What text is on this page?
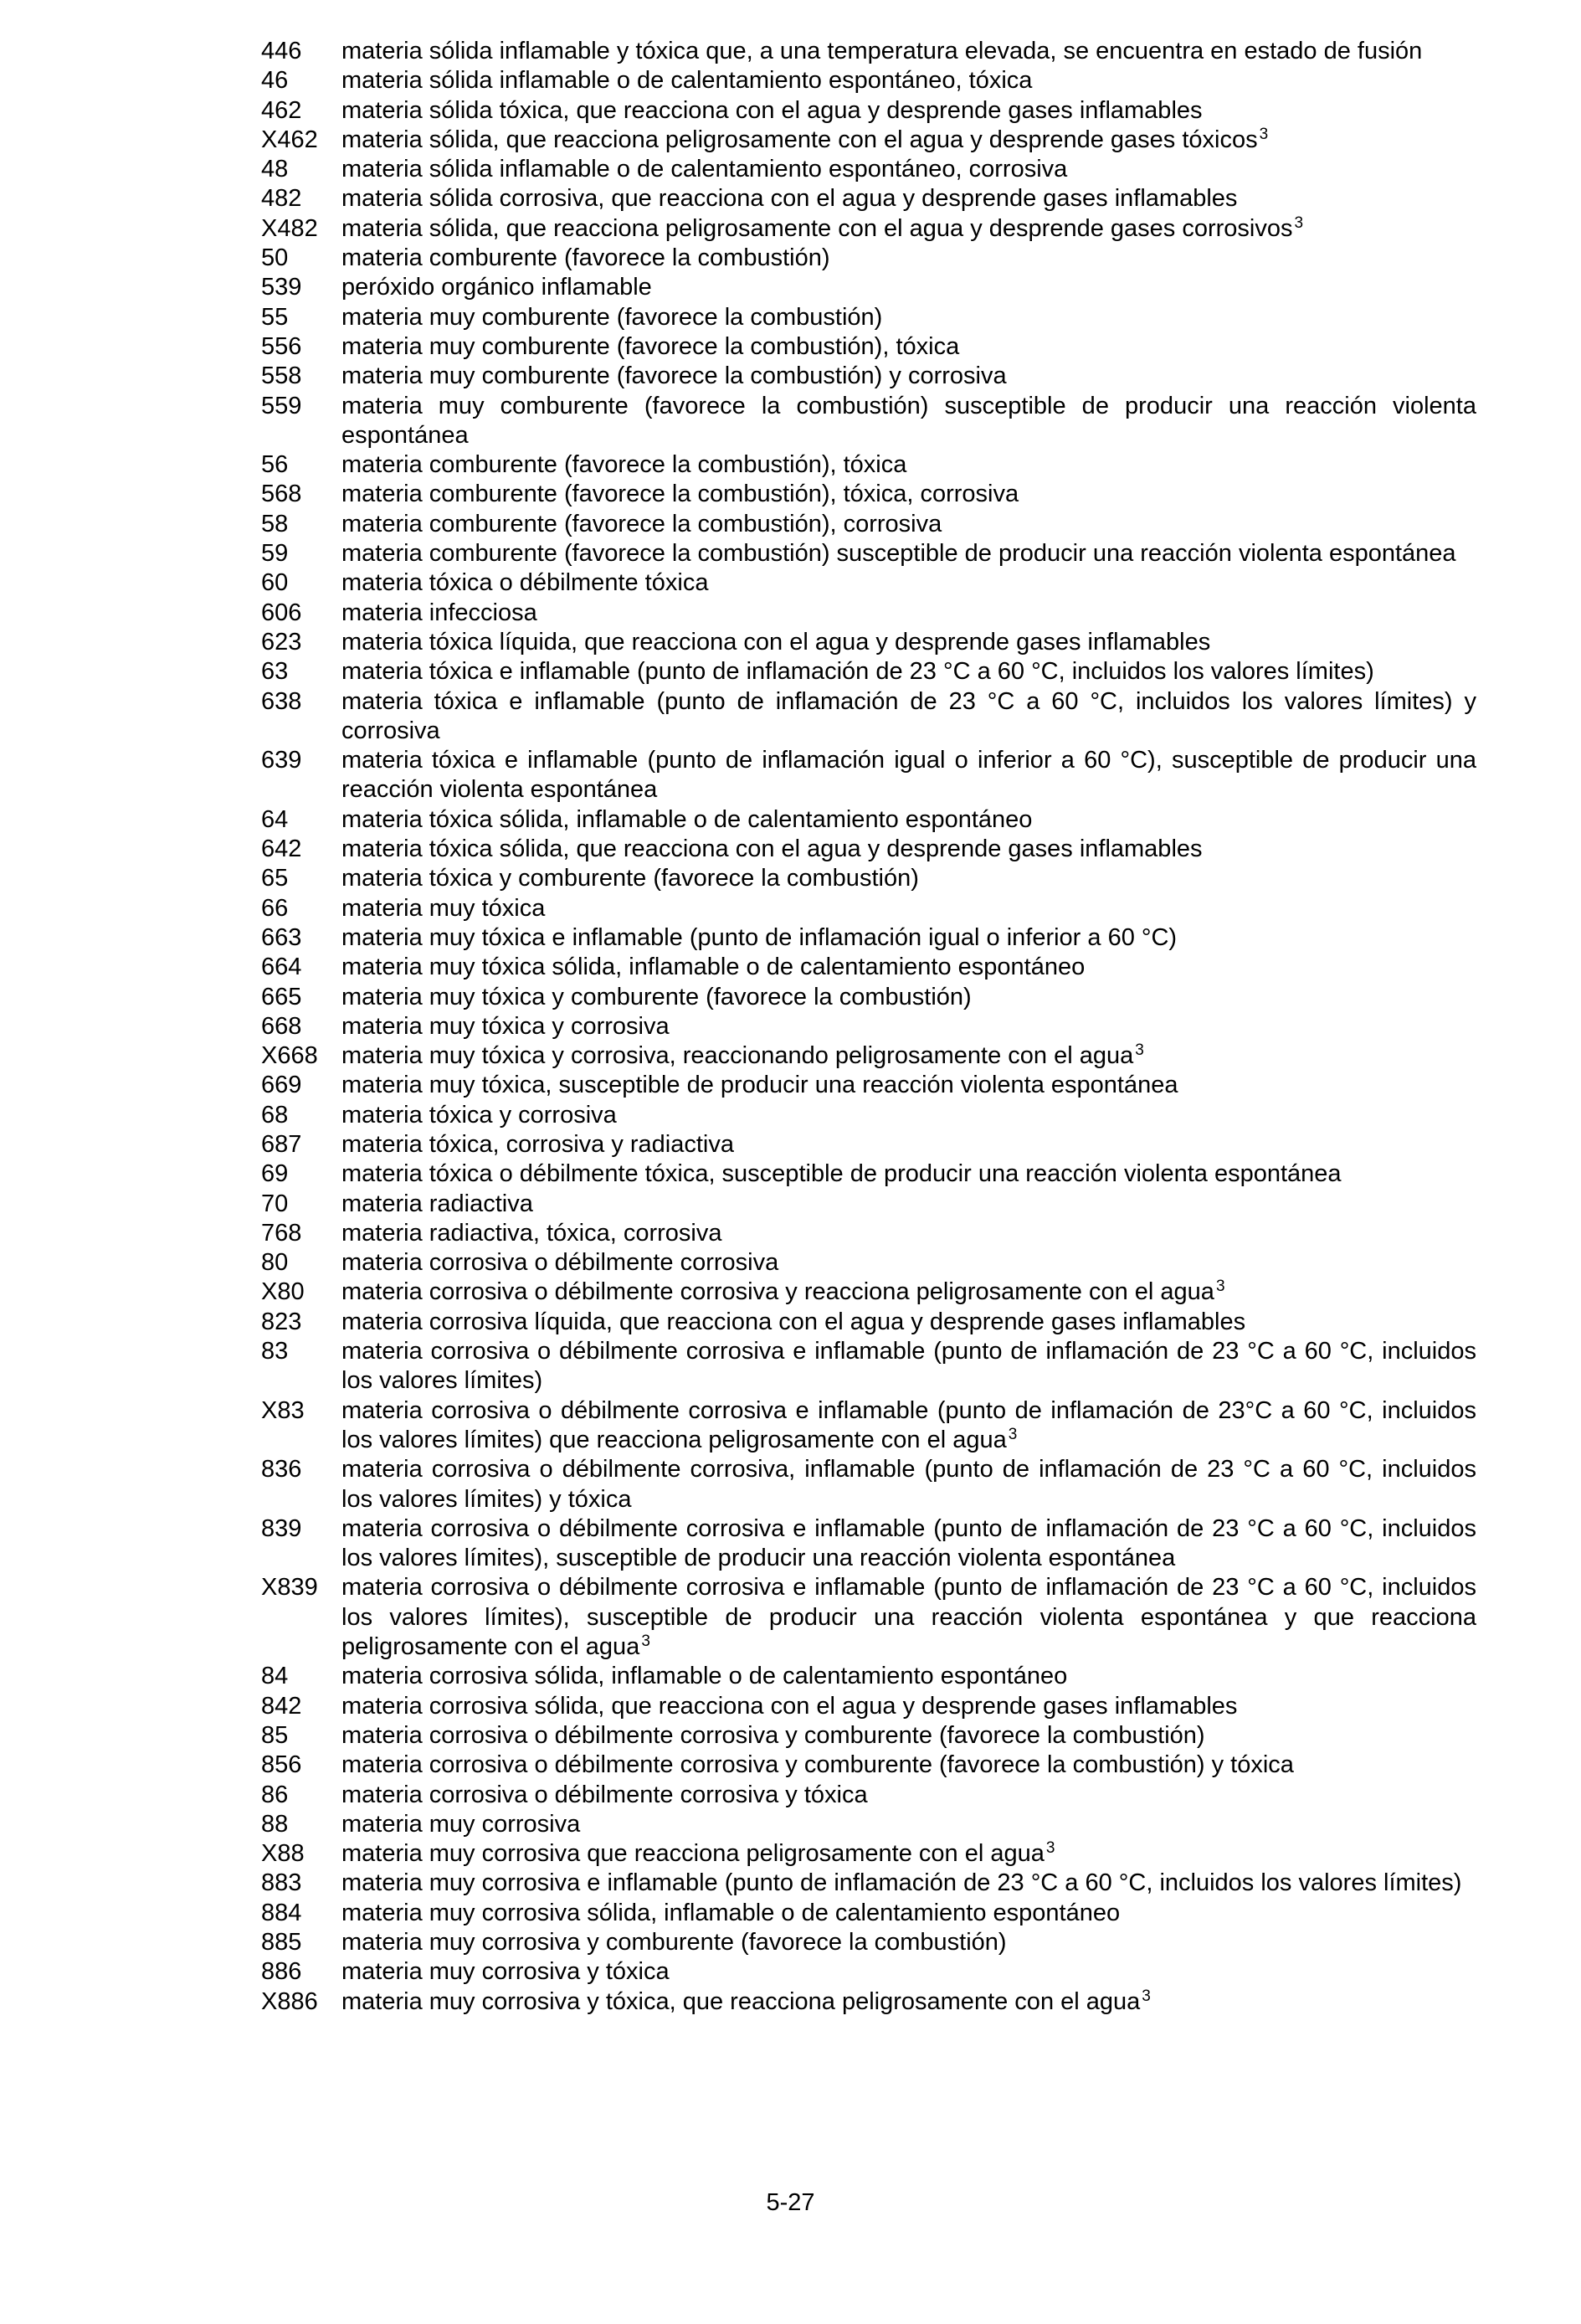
446	materia sólida inflamable y tóxica que, a una temperatura elevada, se encuentra en estado de fusión
46	materia sólida inflamable o de calentamiento espontáneo, tóxica
462	materia sólida tóxica, que reacciona con el agua y desprende gases inflamables
X462 materia sólida, que reacciona peligrosamente con el agua y desprende gases tóxicos $^3$
48	materia sólida inflamable o de calentamiento espontáneo, corrosiva
482	materia sólida corrosiva, que reacciona con el agua y desprende gases inflamables
X482 materia sólida, que reacciona peligrosamente con el agua y desprende gases corrosivos $^3$
50	materia comburente (favorece la combustión)
539	peróxido orgánico inflamable
55	materia muy comburente (favorece la combustión)
556	materia muy comburente (favorece la combustión), tóxica
558	materia muy comburente (favorece la combustión) y corrosiva
559	materia muy comburente (favorece la combustión) susceptible de producir una reacción violenta espontánea
56	materia comburente (favorece la combustión), tóxica
568	materia comburente (favorece la combustión), tóxica, corrosiva
58	materia comburente (favorece la combustión), corrosiva
59	materia comburente (favorece la combustión) susceptible de producir una reacción violenta espontánea
60	materia tóxica o débilmente tóxica
606	materia infecciosa
623	materia tóxica líquida, que reacciona con el agua y desprende gases inflamables
63	materia tóxica e inflamable (punto de inflamación de 23 °C a 60 °C, incluidos los valores límites)
638	materia tóxica e inflamable (punto de inflamación de 23 °C a 60 °C, incluidos los valores límites) y corrosiva
639	materia tóxica e inflamable (punto de inflamación igual o inferior a 60 °C), susceptible de producir una reacción violenta espontánea
64	materia tóxica sólida, inflamable o de calentamiento espontáneo
642	materia tóxica sólida, que reacciona con el agua y desprende gases inflamables
65	materia tóxica y comburente (favorece la combustión)
66	materia muy tóxica
663	materia muy tóxica e inflamable (punto de inflamación igual o inferior a 60 °C)
664	materia muy tóxica sólida, inflamable o de calentamiento espontáneo
665	materia muy tóxica y comburente (favorece la combustión)
668	materia muy tóxica y corrosiva
X668 materia muy tóxica y corrosiva, reaccionando peligrosamente con el agua $^3$
669	materia muy tóxica, susceptible de producir una reacción violenta espontánea
68	materia tóxica y corrosiva
687	materia tóxica, corrosiva y radiactiva
69	materia tóxica o débilmente tóxica, susceptible de producir una reacción violenta espontánea
70	materia radiactiva
768	materia radiactiva, tóxica, corrosiva
80	materia corrosiva o débilmente corrosiva
X80	materia corrosiva o débilmente corrosiva y reacciona peligrosamente con el agua $^3$
823	materia corrosiva líquida, que reacciona con el agua y desprende gases inflamables
83	materia corrosiva o débilmente corrosiva e inflamable (punto de inflamación de 23 °C a 60 °C, incluidos los valores límites)
X83	materia corrosiva o débilmente corrosiva e inflamable (punto de inflamación de 23°C a 60 °C, incluidos los valores límites) que reacciona peligrosamente con el agua $^3$
836	materia corrosiva o débilmente corrosiva, inflamable (punto de inflamación de 23 °C a 60 °C, incluidos los valores límites) y tóxica
839	materia corrosiva o débilmente corrosiva e inflamable (punto de inflamación de 23 °C a 60 °C, incluidos los valores límites), susceptible de producir una reacción violenta espontánea
X839 materia corrosiva o débilmente corrosiva e inflamable (punto de inflamación de 23 °C a 60 °C, incluidos los valores límites), susceptible de producir una reacción violenta espontánea y que reacciona peligrosamente con el agua $^3$
84	materia corrosiva sólida, inflamable o de calentamiento espontáneo
842	materia corrosiva sólida, que reacciona con el agua y desprende gases inflamables
85	materia corrosiva o débilmente corrosiva y comburente (favorece la combustión)
856	materia corrosiva o débilmente corrosiva y comburente (favorece la combustión) y tóxica
86	materia corrosiva o débilmente corrosiva y tóxica
88	materia muy corrosiva
X88	materia muy corrosiva que reacciona peligrosamente con el agua $^3$
883	materia muy corrosiva e inflamable (punto de inflamación de 23 °C a 60 °C, incluidos los valores límites)
884	materia muy corrosiva sólida, inflamable o de calentamiento espontáneo
885	materia muy corrosiva y comburente (favorece la combustión)
886	materia muy corrosiva y tóxica
X886 materia muy corrosiva y tóxica, que reacciona peligrosamente con el agua $^3$
5-27
